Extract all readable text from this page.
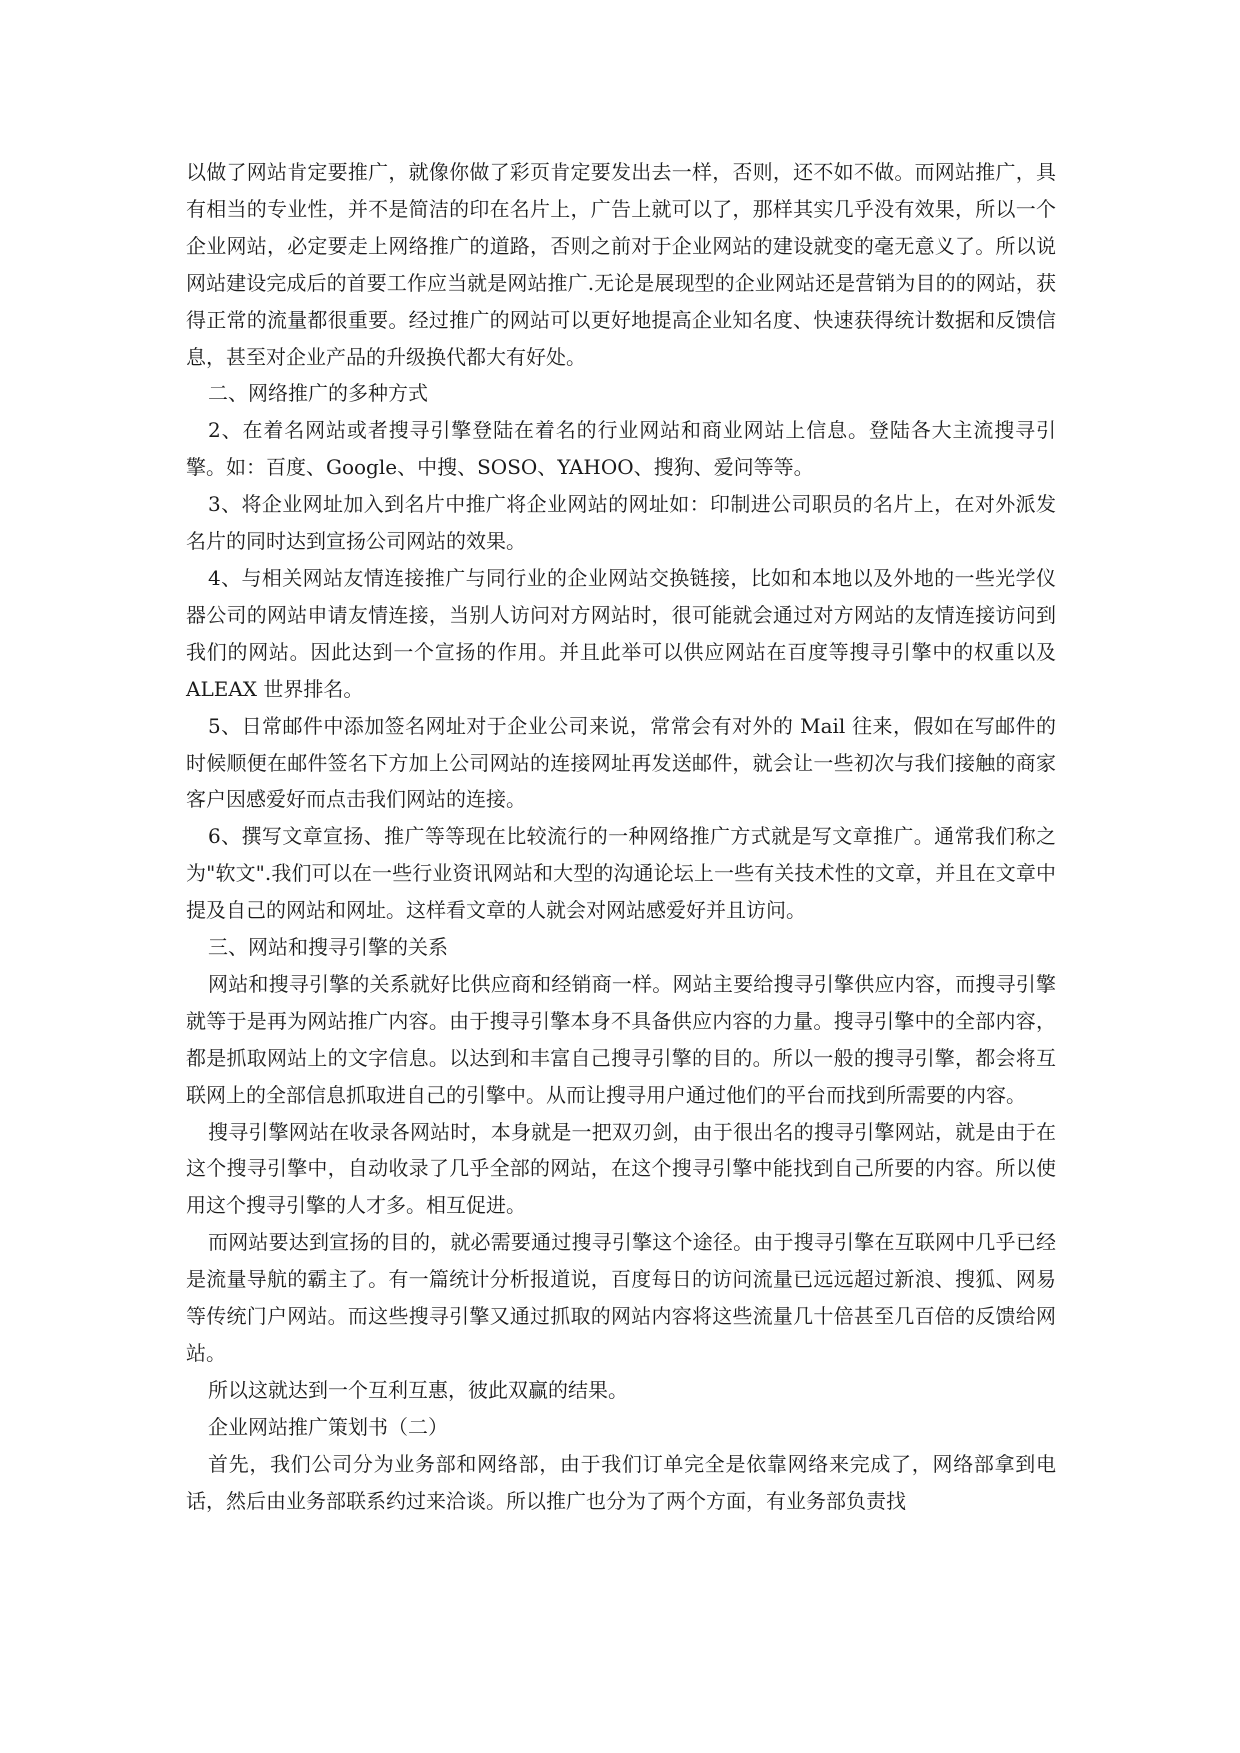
以做了网站肯定要推广，就像你做了彩页肯定要发出去一样，否则，还不如不做。而网站推广，具有相当的专业性，并不是简洁的印在名片上，广告上就可以了，那样其实几乎没有效果，所以一个企业网站，必定要走上网络推广的道路，否则之前对于企业网站的建设就变的毫无意义了。所以说网站建设完成后的首要工作应当就是网站推广.无论是展现型的企业网站还是营销为目的的网站，获得正常的流量都很重要。经过推广的网站可以更好地提高企业知名度、快速获得统计数据和反馈信息，甚至对企业产品的升级换代都大有好处。

二、网络推广的多种方式

2、在着名网站或者搜寻引擎登陆在着名的行业网站和商业网站上信息。登陆各大主流搜寻引擎。如：百度、Google、中搜、SOSO、YAHOO、搜狗、爱问等等。

3、将企业网址加入到名片中推广将企业网站的网址如：印制进公司职员的名片上，在对外派发名片的同时达到宣扬公司网站的效果。

4、与相关网站友情连接推广与同行业的企业网站交换链接，比如和本地以及外地的一些光学仪器公司的网站申请友情连接，当别人访问对方网站时，很可能就会通过对方网站的友情连接访问到我们的网站。因此达到一个宣扬的作用。并且此举可以供应网站在百度等搜寻引擎中的权重以及 ALEAX 世界排名。

5、日常邮件中添加签名网址对于企业公司来说，常常会有对外的 Mail 往来，假如在写邮件的时候顺便在邮件签名下方加上公司网站的连接网址再发送邮件，就会让一些初次与我们接触的商家客户因感爱好而点击我们网站的连接。

6、撰写文章宣扬、推广等等现在比较流行的一种网络推广方式就是写文章推广。通常我们称之为"软文".我们可以在一些行业资讯网站和大型的沟通论坛上一些有关技术性的文章，并且在文章中提及自己的网站和网址。这样看文章的人就会对网站感爱好并且访问。

三、网站和搜寻引擎的关系

网站和搜寻引擎的关系就好比供应商和经销商一样。网站主要给搜寻引擎供应内容，而搜寻引擎就等于是再为网站推广内容。由于搜寻引擎本身不具备供应内容的力量。搜寻引擎中的全部内容，都是抓取网站上的文字信息。以达到和丰富自己搜寻引擎的目的。所以一般的搜寻引擎，都会将互联网上的全部信息抓取进自己的引擎中。从而让搜寻用户通过他们的平台而找到所需要的内容。

搜寻引擎网站在收录各网站时，本身就是一把双刃剑，由于很出名的搜寻引擎网站，就是由于在这个搜寻引擎中，自动收录了几乎全部的网站，在这个搜寻引擎中能找到自己所要的内容。所以使用这个搜寻引擎的人才多。相互促进。

而网站要达到宣扬的目的，就必需要通过搜寻引擎这个途径。由于搜寻引擎在互联网中几乎已经是流量导航的霸主了。有一篇统计分析报道说，百度每日的访问流量已远远超过新浪、搜狐、网易等传统门户网站。而这些搜寻引擎又通过抓取的网站内容将这些流量几十倍甚至几百倍的反馈给网站。

所以这就达到一个互利互惠，彼此双赢的结果。

企业网站推广策划书（二）

首先，我们公司分为业务部和网络部，由于我们订单完全是依靠网络来完成了，网络部拿到电话，然后由业务部联系约过来洽谈。所以推广也分为了两个方面，有业务部负责找
